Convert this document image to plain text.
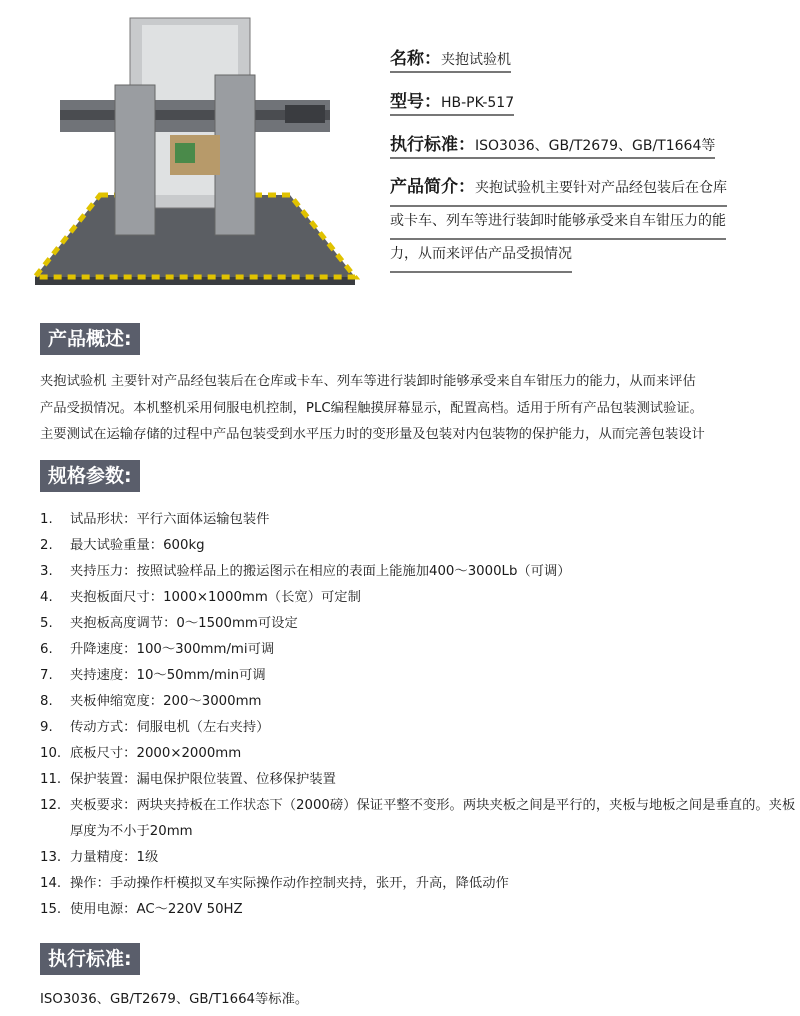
名称：夹抱试验机
型号：HB-PK-517
执行标准：ISO3036、GB/T2679、GB/T1664等
产品简介：夹抱试验机主要针对产品经包装后在仓库
或卡车、列车等进行装卸时能够承受来自车钳压力的能
力，从而来评估产品受损情况
产品概述:
夹抱试验机 主要针对产品经包装后在仓库或卡车、列车等进行装卸时能够承受来自车钳压力的能力，从而来评估
产品受损情况。本机整机采用伺服电机控制，PLC编程触摸屏幕显示，配置高档。适用于所有产品包装测试验证。
主要测试在运输存储的过程中产品包装受到水平压力时的变形量及包装对内包装物的保护能力，从而完善包装设计
规格参数:
1.	试品形状：平行六面体运输包装件
2.	最大试验重量：600kg
3.	夹持压力：按照试验样品上的搬运图示在相应的表面上能施加400～3000Lb（可调）
4.	夹抱板面尺寸：1000×1000mm（长宽）可定制
5.	夹抱板高度调节：0～1500mm可设定
6.	升降速度：100～300mm/mi可调
7.	夹持速度：10～50mm/min可调
8.	夹板伸缩宽度：200～3000mm
9.	传动方式：伺服电机（左右夹持）
10. 底板尺寸：2000×2000mm
11. 保护装置：漏电保护限位装置、位移保护装置
12. 夹板要求：两块夹持板在工作状态下（2000磅）保证平整不变形。两块夹板之间是平行的，夹板与地板之间是垂直的。夹板厚度为不小于20mm
13. 力量精度：1级
14. 操作：手动操作杆模拟叉车实际操作动作控制夹持，张开，升高，降低动作
15. 使用电源：AC～220V 50HZ
执行标准:
ISO3036、GB/T2679、GB/T1664等标准。
